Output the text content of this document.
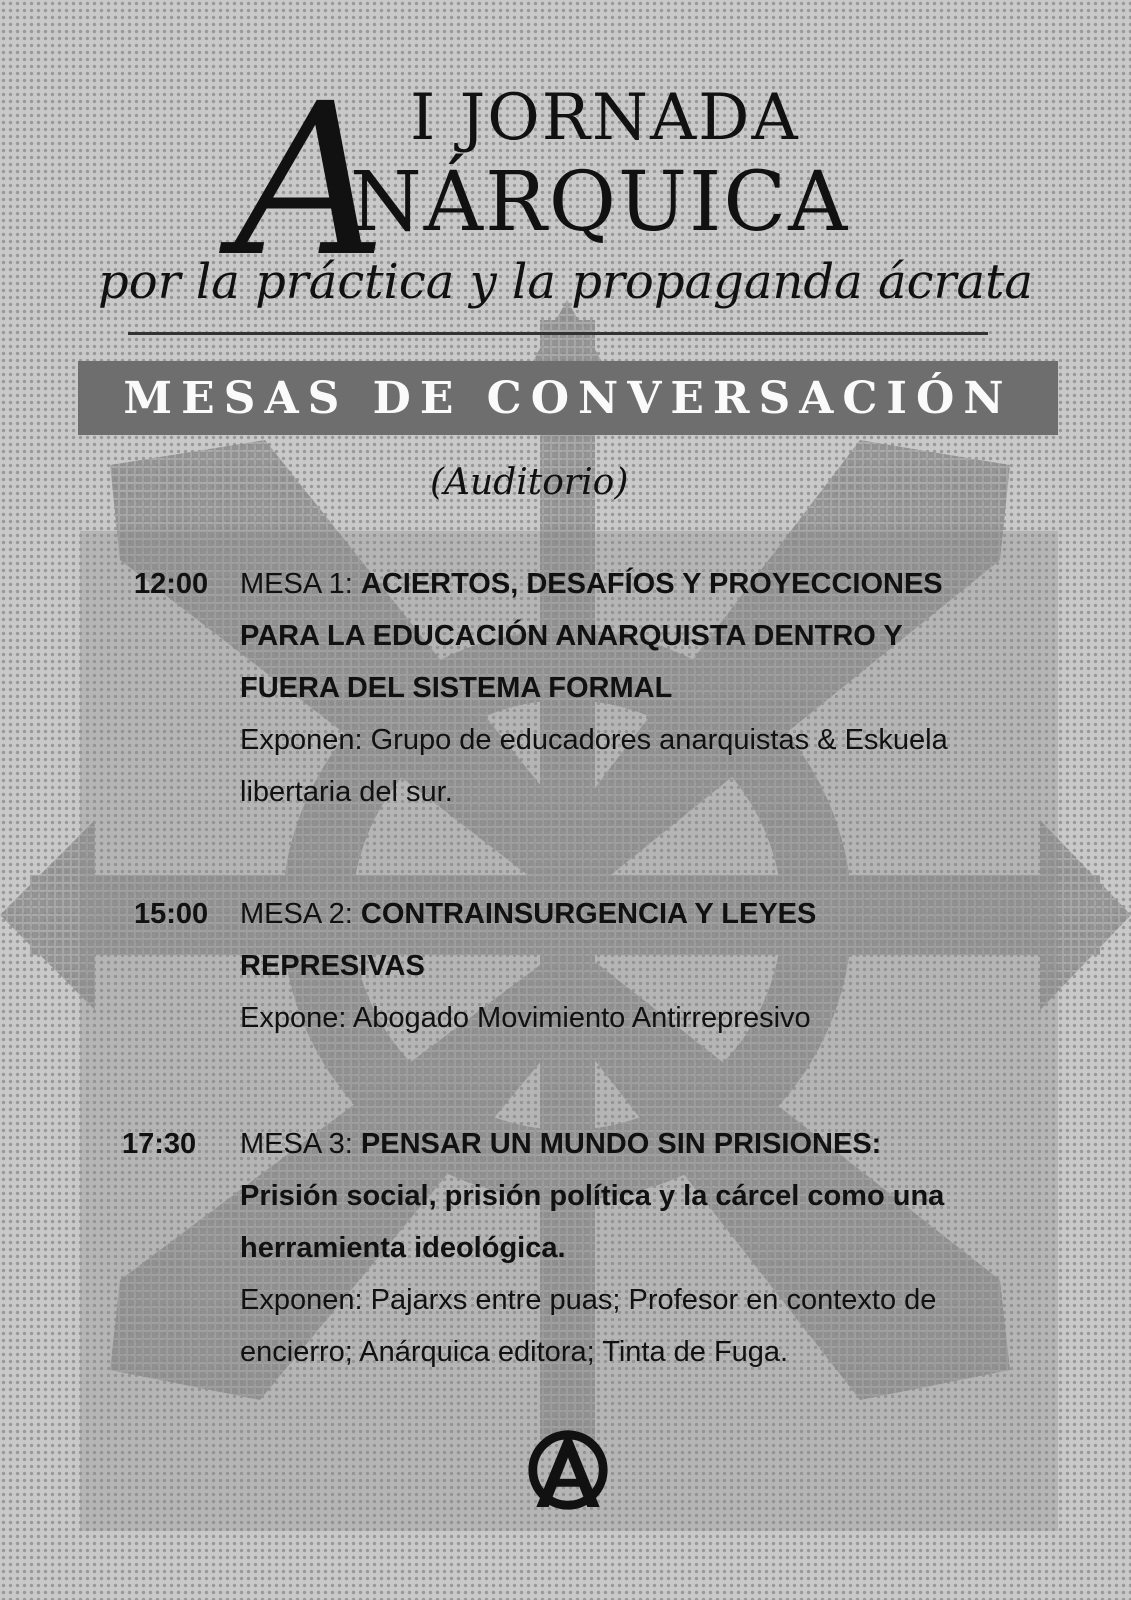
A I JORNADA
NÁRQUICA
por la práctica y la propaganda ácrata
MESAS DE CONVERSACIÓN
(Auditorio)
12:00 MESA 1: ACIERTOS, DESAFÍOS Y PROYECCIONES PARA LA EDUCACIÓN ANARQUISTA DENTRO Y FUERA DEL SISTEMA FORMAL
Exponen: Grupo de educadores anarquistas & Eskuela libertaria del sur.
15:00 MESA 2: CONTRAINSURGENCIA Y LEYES REPRESIVAS
Expone: Abogado Movimiento Antirrepresivo
17:30 MESA 3: PENSAR UN MUNDO SIN PRISIONES: Prisión social, prisión política y la cárcel como una herramienta ideológica.
Exponen: Pajarxs entre puas; Profesor en contexto de encierro; Anárquica editora; Tinta de Fuga.
